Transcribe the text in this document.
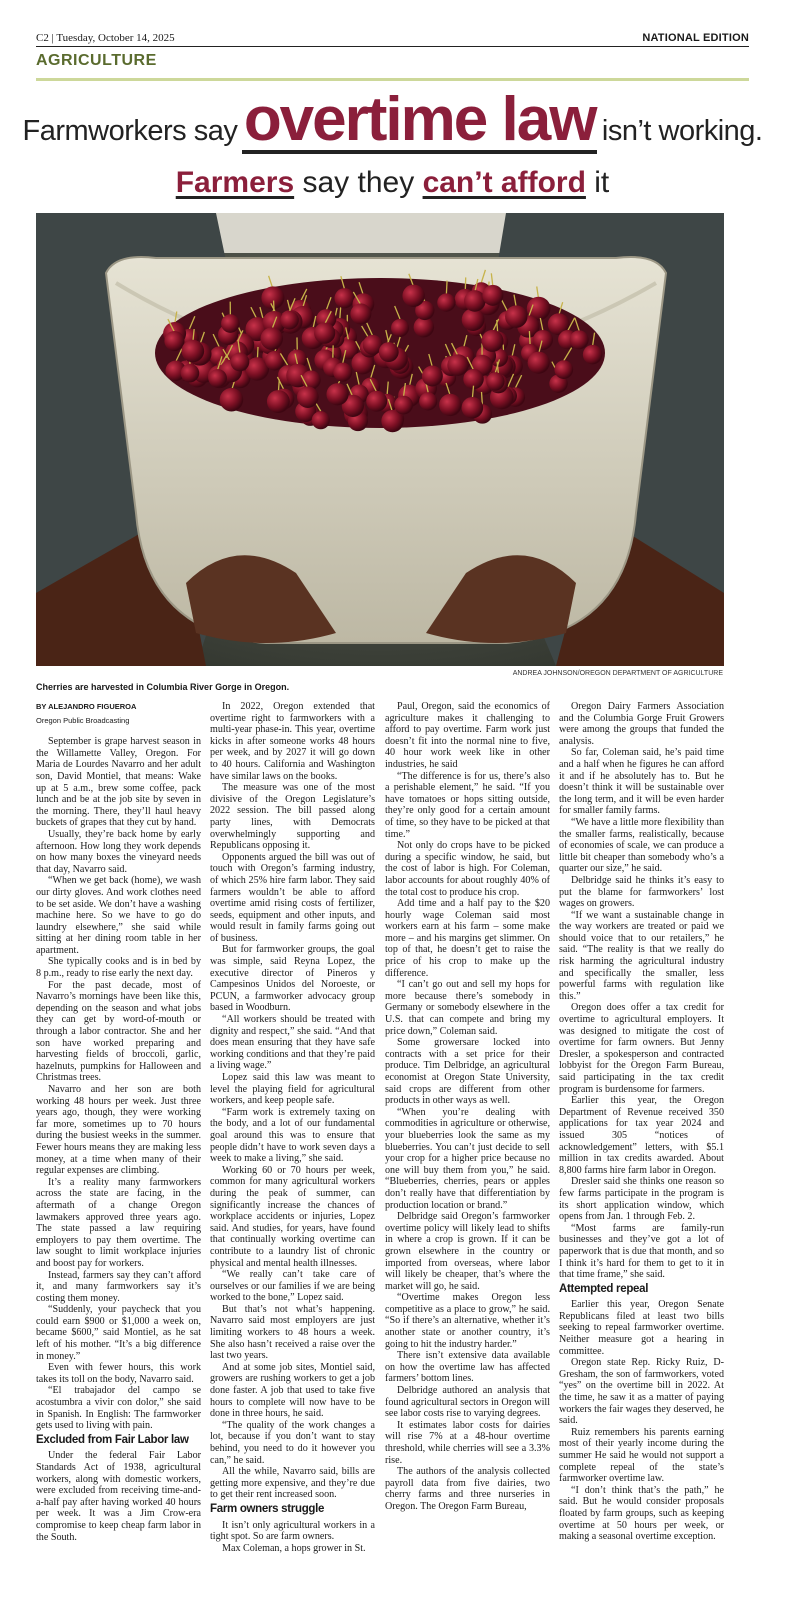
C2 | Tuesday, October 14, 2025	NATIONAL EDITION
AGRICULTURE
Farmworkers say overtime law isn’t working.
Farmers say they can’t afford it
ANDREA JOHNSON/OREGON DEPARTMENT OF AGRICULTURE
Cherries are harvested in Columbia River Gorge in Oregon.
BY ALEJANDRO FIGUEROA
Oregon Public Broadcasting

September is grape harvest season in the Willamette Valley, Oregon. For Maria de Lourdes Navarro and her adult son, David Montiel, that means: Wake up at 5 a.m., brew some coffee, pack lunch and be at the job site by seven in the morning. There, they’ll haul heavy buckets of grapes that they cut by hand.

Usually, they’re back home by early afternoon. How long they work depends on how many boxes the vineyard needs that day, Navarro said.

“When we get back (home), we wash our dirty gloves. And work clothes need to be set aside. We don’t have a washing machine here. So we have to go do laundry elsewhere,” she said while sitting at her dining room table in her apartment.

She typically cooks and is in bed by 8 p.m., ready to rise early the next day.

For the past decade, most of Navarro’s mornings have been like this, depending on the season and what jobs they can get by word-of-mouth or through a labor contractor. She and her son have worked preparing and harvesting fields of broccoli, garlic, hazelnuts, pumpkins for Halloween and Christmas trees.

Navarro and her son are both working 48 hours per week. Just three years ago, though, they were working far more, sometimes up to 70 hours during the busiest weeks in the summer. Fewer hours means they are making less money, at a time when many of their regular expenses are climbing.

It’s a reality many farmworkers across the state are facing, in the aftermath of a change Oregon lawmakers approved three years ago. The state passed a law requiring employers to pay them overtime. The law sought to limit workplace injuries and boost pay for workers.

Instead, farmers say they can’t afford it, and many farmworkers say it’s costing them money.

“Suddenly, your paycheck that you could earn $900 or $1,000 a week on, became $600,” said Montiel, as he sat left of his mother. “It’s a big difference in money.”

Even with fewer hours, this work takes its toll on the body, Navarro said.

“El trabajador del campo se acostumbra a vivir con dolor,” she said in Spanish. In English: The farmworker gets used to living with pain.

Excluded from Fair Labor law

Under the federal Fair Labor Standards Act of 1938, agricultural workers, along with domestic workers, were excluded from receiving time-and-a-half pay after having worked 40 hours per week. It was a Jim Crow-era compromise to keep cheap farm labor in the South.

In 2022, Oregon extended that overtime right to farmworkers with a multi-year phase-in. This year, overtime kicks in after someone works 48 hours per week, and by 2027 it will go down to 40 hours. California and Washington have similar laws on the books.

The measure was one of the most divisive of the Oregon Legislature’s 2022 session. The bill passed along party lines, with Democrats overwhelmingly supporting and Republicans opposing it.

Opponents argued the bill was out of touch with Oregon’s farming industry, of which 25% hire farm labor. They said farmers wouldn’t be able to afford overtime amid rising costs of fertilizer, seeds, equipment and other inputs, and would result in family farms going out of business.

But for farmworker groups, the goal was simple, said Reyna Lopez, the executive director of Pineros y Campesinos Unidos del Noroeste, or PCUN, a farmworker advocacy group based in Woodburn.

“All workers should be treated with dignity and respect,” she said. “And that does mean ensuring that they have safe working conditions and that they’re paid a living wage.”

Lopez said this law was meant to level the playing field for agricultural workers, and keep people safe.

“Farm work is extremely taxing on the body, and a lot of our fundamental goal around this was to ensure that people didn’t have to work seven days a week to make a living,” she said.

Working 60 or 70 hours per week, common for many agricultural workers during the peak of summer, can significantly increase the chances of workplace accidents or injuries, Lopez said. And studies, for years, have found that continually working overtime can contribute to a laundry list of chronic physical and mental health illnesses.

“We really can’t take care of ourselves or our families if we are being worked to the bone,” Lopez said.

But that’s not what’s happening. Navarro said most employers are just limiting workers to 48 hours a week. She also hasn’t received a raise over the last two years.

And at some job sites, Montiel said, growers are rushing workers to get a job done faster. A job that used to take five hours to complete will now have to be done in three hours, he said.

“The quality of the work changes a lot, because if you don’t want to stay behind, you need to do it however you can,” he said.

All the while, Navarro said, bills are getting more expensive, and they’re due to get their rent increased soon.

Farm owners struggle

It isn’t only agricultural workers in a tight spot. So are farm owners.

Max Coleman, a hops grower in St.

Paul, Oregon, said the economics of agriculture makes it challenging to afford to pay overtime. Farm work just doesn’t fit into the normal nine to five, 40 hour work week like in other industries, he said

“The difference is for us, there’s also a perishable element,” he said. “If you have tomatoes or hops sitting outside, they’re only good for a certain amount of time, so they have to be picked at that time.”

Not only do crops have to be picked during a specific window, he said, but the cost of labor is high. For Coleman, labor accounts for about roughly 40% of the total cost to produce his crop.

Add time and a half pay to the $20 hourly wage Coleman said most workers earn at his farm – some make more – and his margins get slimmer. On top of that, he doesn’t get to raise the price of his crop to make up the difference.

“I can’t go out and sell my hops for more because there’s somebody in Germany or somebody elsewhere in the U.S. that can compete and bring my price down,” Coleman said.

Some growersare locked into contracts with a set price for their produce. Tim Delbridge, an agricultural economist at Oregon State University, said crops are different from other products in other ways as well.

“When you’re dealing with commodities in agriculture or otherwise, your blueberries look the same as my blueberries. You can’t just decide to sell your crop for a higher price because no one will buy them from you,” he said. “Blueberries, cherries, pears or apples don’t really have that differentiation by production location or brand.”

Delbridge said Oregon’s farmworker overtime policy will likely lead to shifts in where a crop is grown. If it can be grown elsewhere in the country or imported from overseas, where labor will likely be cheaper, that’s where the market will go, he said.

“Overtime makes Oregon less competitive as a place to grow,” he said. “So if there’s an alternative, whether it’s another state or another country, it’s going to hit the industry harder.”

There isn’t extensive data available on how the overtime law has affected farmers’ bottom lines.

Delbridge authored an analysis that found agricultural sectors in Oregon will see labor costs rise to varying degrees.

It estimates labor costs for dairies will rise 7% at a 48-hour overtime threshold, while cherries will see a 3.3% rise.

The authors of the analysis collected payroll data from five dairies, two cherry farms and three nurseries in Oregon. The Oregon Farm Bureau,

Oregon Dairy Farmers Association and the Columbia Gorge Fruit Growers were among the groups that funded the analysis.

So far, Coleman said, he’s paid time and a half when he figures he can afford it and if he absolutely has to. But he doesn’t think it will be sustainable over the long term, and it will be even harder for smaller family farms.

“We have a little more flexibility than the smaller farms, realistically, because of economies of scale, we can produce a little bit cheaper than somebody who’s a quarter our size,” he said.

Delbridge said he thinks it’s easy to put the blame for farmworkers’ lost wages on growers.

“If we want a sustainable change in the way workers are treated or paid we should voice that to our retailers,” he said. “The reality is that we really do risk harming the agricultural industry and specifically the smaller, less powerful farms with regulation like this.”

Oregon does offer a tax credit for overtime to agricultural employers. It was designed to mitigate the cost of overtime for farm owners. But Jenny Dresler, a spokesperson and contracted lobbyist for the Oregon Farm Bureau, said participating in the tax credit program is burdensome for farmers.

Earlier this year, the Oregon Department of Revenue received 350 applications for tax year 2024 and issued 305 “notices of acknowledgement” letters, with $5.1 million in tax credits awarded. About 8,800 farms hire farm labor in Oregon.

Dresler said she thinks one reason so few farms participate in the program is its short application window, which opens from Jan. 1 through Feb. 2.

“Most farms are family-run businesses and they’ve got a lot of paperwork that is due that month, and so I think it’s hard for them to get to it in that time frame,” she said.

Attempted repeal

Earlier this year, Oregon Senate Republicans filed at least two bills seeking to repeal farmworker overtime. Neither measure got a hearing in committee.

Oregon state Rep. Ricky Ruiz, D-Gresham, the son of farmworkers, voted “yes” on the overtime bill in 2022. At the time, he saw it as a matter of paying workers the fair wages they deserved, he said.

Ruiz remembers his parents earning most of their yearly income during the summer He said he would not support a complete repeal of the state’s farmworker overtime law.

“I don’t think that’s the path,” he said. But he would consider proposals floated by farm groups, such as keeping overtime at 50 hours per week, or making a seasonal overtime exception.
